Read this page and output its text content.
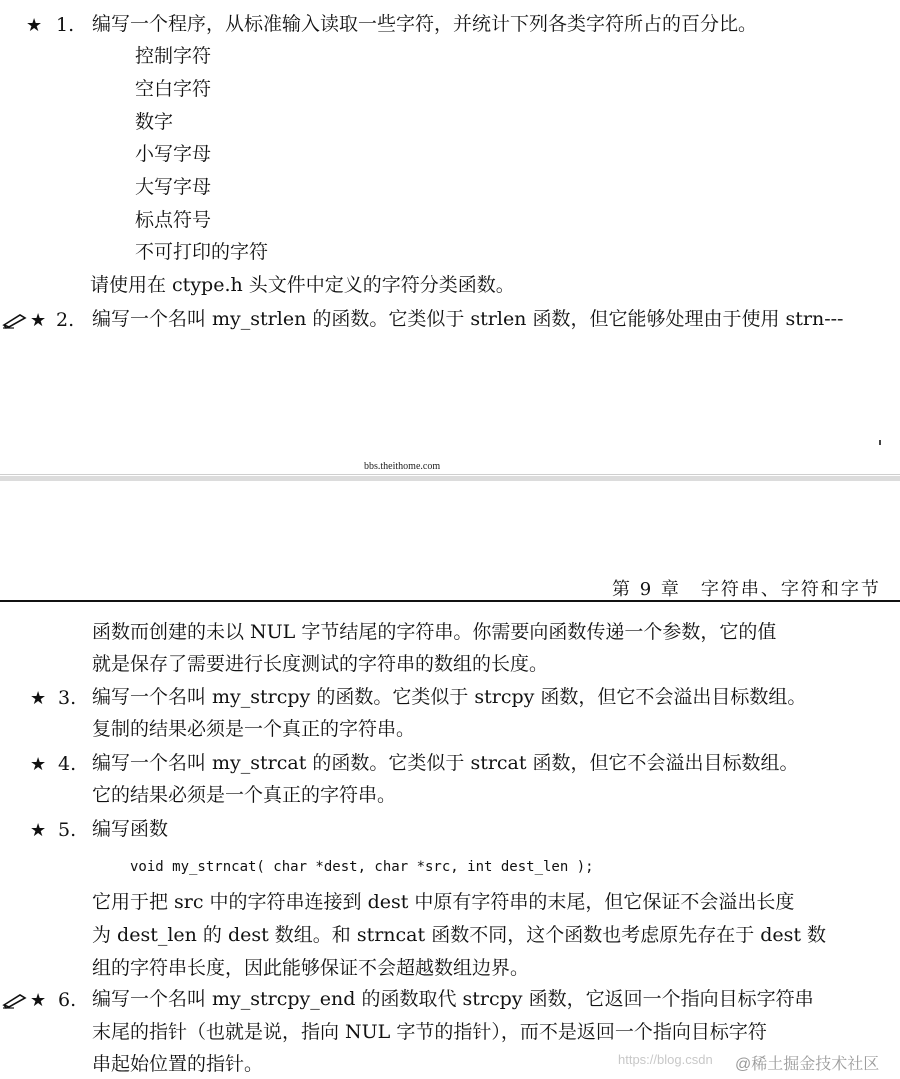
★ 1. 编写一个程序，从标准输入读取一些字符，并统计下列各类字符所占的百分比。
控制字符
空白字符
数字
小写字母
大写字母
标点符号
不可打印的字符
请使用在 ctype.h 头文件中定义的字符分类函数。
★ 2. 编写一个名叫 my_strlen 的函数。它类似于 strlen 函数，但它能够处理由于使用 strn---
bbs.theithome.com
第 9 章　字符串、字符和字节
函数而创建的未以 NUL 字节结尾的字符串。你需要向函数传递一个参数，它的值
就是保存了需要进行长度测试的字符串的数组的长度。
★ 3. 编写一个名叫 my_strcpy 的函数。它类似于 strcpy 函数，但它不会溢出目标数组。
复制的结果必须是一个真正的字符串。
★ 4. 编写一个名叫 my_strcat 的函数。它类似于 strcat 函数，但它不会溢出目标数组。
它的结果必须是一个真正的字符串。
★ 5. 编写函数
void my_strncat( char *dest, char *src, int dest_len );
它用于把 src 中的字符串连接到 dest 中原有字符串的末尾，但它保证不会溢出长度
为 dest_len 的 dest 数组。和 strncat 函数不同，这个函数也考虑原先存在于 dest 数
组的字符串长度，因此能够保证不会超越数组边界。
★ 6. 编写一个名叫 my_strcpy_end 的函数取代 strcpy 函数，它返回一个指向目标字符串
末尾的指针（也就是说，指向 NUL 字节的指针），而不是返回一个指向目标字符
串起始位置的指针。	https://blog.csdn @稀土掘金技术社区
